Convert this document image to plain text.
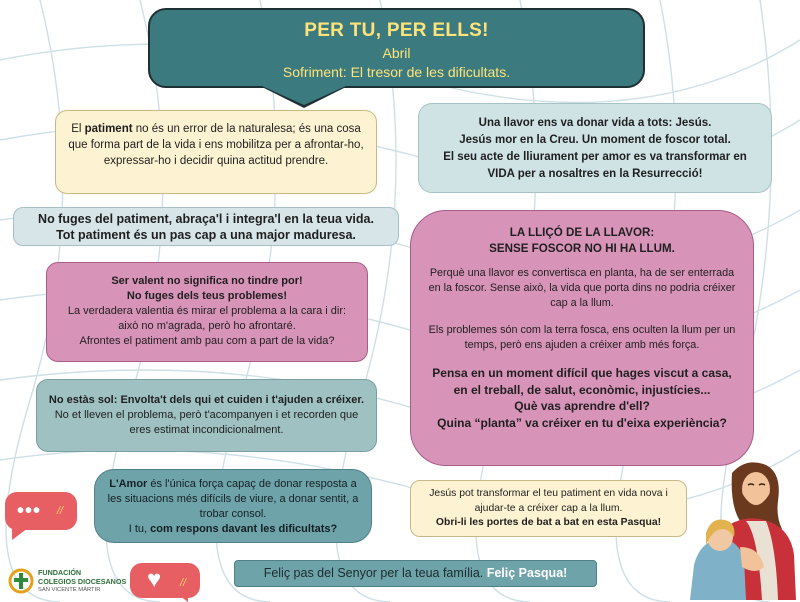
PER TU, PER ELLS!

Abril

Sofriment: El tresor de les dificultats.

El patiment no és un error de la naturalesa; és una cosa que forma part de la vida i ens mobilitza per a afrontar-ho, expressar-ho i decidir quina actitud prendre.

Una llavor ens va donar vida a tots: Jesús.

Jesús mor en la Creu. Un moment de foscor total.

El seu acte de lliurament per amor es va transformar en

VIDA per a nosaltres en la Resurrecció!

No fuges del patiment, abraça'l i integra'l en la teua vida.

Tot patiment és un pas cap a una major maduresa.	LA LLIÇÓ DE LA LLAVOR:

SENSE FOSCOR NO HI HA LLUM.

Perquè una llavor es convertisca en planta, ha de ser enterrada en la foscor. Sense això, la vida que porta dins no podria créixer cap a la llum.

Els problemes són com la terra fosca, ens oculten la llum per un temps, però ens ajuden a créixer amb més força.

Pensa en un moment difícil que hages viscut a casa, en el treball, de salut, econòmic, injustícies...

Què vas aprendre d'ell?

Quina “planta” va créixer en tu d'eixa experiència?

Ser valent no significa no tindre por!

No fuges dels teus problemes!

La verdadera valentia és mirar el problema a la cara i dir:

això no m'agrada, però ho afrontaré.

Afrontes el patiment amb pau com a part de la vida?

No estàs sol: Envolta't dels qui et cuiden i t'ajuden a créixer.

No et lleven el problema, però t'acompanyen i et recorden que eres estimat incondicionalment.

L'Amor és l'única força capaç de donar resposta a les situacions més difícils de viure, a donar sentit, a trobar consol.

I tu, com respons davant les dificultats?

Jesús pot transformar el teu patiment en vida nova i

ajudar-te a créixer cap a la llum.

Obri-li les portes de bat a bat en esta Pasqua!

Feliç pas del Senyor per la teua família. Feliç Pasqua!
••• //
♥ //
FUNDACIÓN
COLEGIOS DIOCESANOS
SAN VICENTE MÁRTIR
